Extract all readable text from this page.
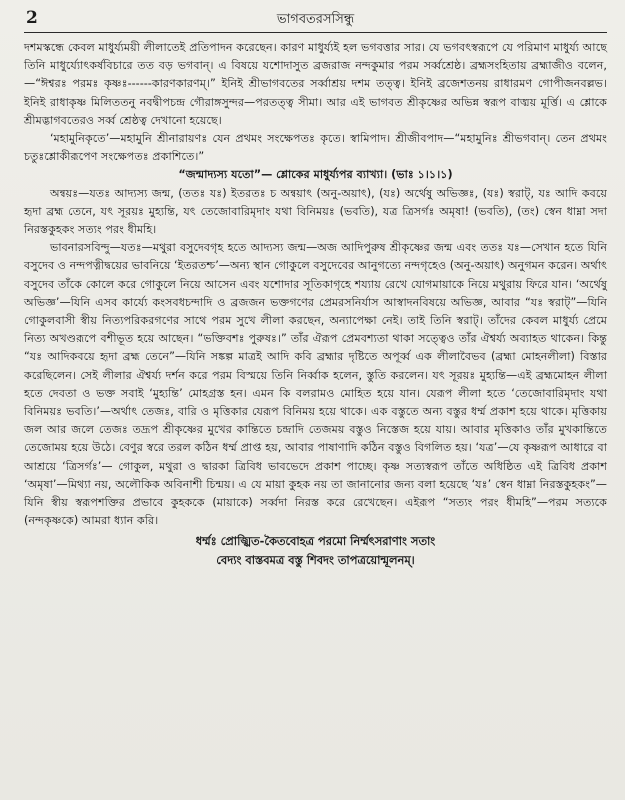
2	ভাগবতরসসিন্ধু

দশমস্কন্ধে কেবল মাধুর্য্যময়ী লীলাতেই প্রতিপাদন করেছেন। কারণ মাধুর্য্যই হল ভগবত্তার সার। যে ভগবৎস্বরূপে যে পরিমাণ মাধুর্য্য আছে তিনি মাধুর্য্যোৎকর্ষবিচারে তত বড় ভগবান্। এ বিষয়ে যশোদাসুত ব্রজরাজ নন্দকুমার পরম সর্ব্বশ্রেষ্ঠ। ব্রহ্মসংহিতায় ব্রহ্মাজীও বলেন,—“ঈশ্বরঃ পরমঃ কৃষ্ণঃ------কারণকারণম্।” ইনিই শ্রীভাগবতের সর্ব্বাশ্রয় দশম তত্ত্ব। ইনিই ব্রজেশতনয় রাধারমণ গোপীজনবল্লভ। ইনিই রাধাকৃষ্ণ মিলিততনু নবদ্বীপচন্দ্র গৌরাঙ্গসুন্দর—পরতত্ত্ব সীমা। আর এই ভাগবত শ্রীকৃষ্ণের অভিন্ন স্বরূপ বাঙ্ময় মূর্ত্তি। এ শ্লোকে শ্রীমদ্ভাগবতেরও সর্ব্ব শ্রেষ্ঠত্ব দেখানো হয়েছে।

‘মহামুনিকৃতে’—মহামুনি শ্রীনারায়ণঃ যেন প্রথমং সংক্ষেপতঃ কৃতে। স্বামিপাদ। শ্রীজীবপাদ—“মহামুনিঃ শ্রীভগবান্। তেন প্রথমং চতুঃশ্লোকীরূপেণ সংক্ষেপতঃ প্রকাশিতে।”

“জন্মাদ্যস্য যতো”— শ্লোকের মাধুর্য্যপর ব্যাখ্যা। (ভাঃ ১।১।১)

অন্বয়ঃ—যতঃ আদ্যস্য জন্ম, (ততঃ যঃ) ইতরতঃ চ অন্বয়াৎ (অনু-অয়াৎ), (যঃ) অর্থেষু অভিজ্ঞঃ, (যঃ) স্বরাট্, যঃ আদি কবয়ে হৃদা ব্রহ্ম তেনে, যৎ সূরয়ঃ মুহ্যন্তি, যৎ তেজোবারিমৃদাং যথা বিনিময়ঃ (ভবতি), যত্র ত্রিসর্গঃ অমৃষা! (ভবতি), (তং) স্বেন ধাম্না সদা নিরস্তকুহকং সত্যং পরং ধীমহি।

ভাবনারসবিন্দু—যতঃ—মথুরা বসুদেবগৃহ হতে আদ্যস্য জন্ম—অজ আদিপুরুষ শ্রীকৃষ্ণের জন্ম এবং ততঃ যঃ—সেখান হতে যিনি বসুদেব ও নন্দপত্নীদ্বয়ের ভাবনিয়ে ‘ইতরতশ্চ’—অন্য স্থান গোকুলে বসুদেবের আনুগত্যে নন্দগৃহেও (অনু-অয়াৎ) অনুগমন করেন। অর্থাৎ বসুদেব তাঁকে কোলে করে গোকুলে নিয়ে আসেন এবং যশোদার সূতিকাগৃহে শয্যায় রেখে যোগমায়াকে নিয়ে মথুরায় ফিরে যান। ‘অর্থেষু অভিজ্ঞ’—যিনি এসব কার্য্যে কংসবধচন্দাদি ও ব্রজজন ভক্তগণের প্রেমরসনির্যাস আস্বাদনবিষয়ে অভিজ্ঞ, আবার “যঃ স্বরাট্”—যিনি গোকুলবাসী স্বীয় নিত্যপরিকরগণের সাথে পরম সুখে লীলা করছেন, অন্যাপেক্ষা নেই। তাই তিনি স্বরাট্। তাঁদের কেবল মাধুর্য্য প্রেমে নিত্য অখণ্ডরূপে বশীভূত হয়ে আছেন। “ভক্তিবশঃ পুরুষঃ।” তাঁর ঐরূপ প্রেমবশ্যতা থাকা সত্ত্বেও তাঁর ঐশ্বর্য্য অব্যাহত থাকেন। কিন্তু “যঃ আদিকবয়ে হৃদা ব্রহ্ম তেনে”—যিনি সঙ্কল্প মাত্রই আদি কবি ব্রহ্মার দৃষ্টিতে অপূর্ব্ব এক লীলাবৈভব (ব্রহ্মা মোহনলীলা) বিস্তার করেছিলেন। সেই লীলার ঐশ্বর্য্য দর্শন করে পরম বিস্ময়ে তিনি নিৰ্ব্বাক হলেন, স্তুতি করলেন। যৎ সূরয়ঃ মুহ্যন্তি—এই ব্রহ্মমোহন লীলা হতে দেবতা ও ভক্ত সবাই ‘মুহ্যন্তি’ মোহগ্রস্ত হন। এমন কি বলরামও মোহিত হয়ে যান। যেরূপ লীলা হতে ‘তেজোবারিমৃদাং যথা বিনিময়ঃ ভবতি।’—অর্থাৎ তেজঃ, বারি ও মৃত্তিকার যেরূপ বিনিময় হয়ে থাকে। এক বস্তুতে অন্য বস্তুর ধর্ম্ম প্রকাশ হয়ে থাকে। মৃত্তিকায় জল আর জলে তেজঃ তদ্রূপ শ্রীকৃষ্ণের মুখের কান্তিতে চন্দ্রাদি তেজময় বস্তুও নিস্তেজ হয়ে যায়। আবার মৃত্তিকাও তাঁর মুখকান্তিতে তেজোময় হয়ে উঠে। বেণুর স্বরে তরল কঠিন ধর্ম্ম প্রাপ্ত হয়, আবার পাষাণাদি কঠিন বস্তুও বিগলিত হয়। ‘যত্র’—যে কৃষ্ণরূপ আধারে বা আশ্রয়ে ‘ত্রিসর্গঃ’— গোকুল, মথুরা ও দ্বারকা ত্রিবিধ ভাবভেদে প্রকাশ পাচ্ছে। কৃষ্ণ সত্যস্বরূপ তাঁতে অধিষ্ঠিত এই ত্রিবিধ প্রকাশ ‘অমৃষা’—মিথ্যা নয়, অলৌকিক অবিনাশী চিন্ময়। এ যে মায়া কুহক নয় তা জানানোর জন্য বলা হয়েছে ‘যঃ’ স্বেন ধাম্না নিরস্তকুহকং”—যিনি স্বীয় স্বরূপশক্তির প্রভাবে কুহককে (মায়াকে) সর্ব্বদা নিরস্ত করে রেখেছেন। এইরূপ “সত্যং পরং ধীমহি”—পরম সত্যকে (নন্দকৃষ্ণকে) আমরা ধ্যান করি।

ধর্ম্মঃ প্রোজ্ঝিত-কৈতবোহত্র পরমো নির্ম্মৎসরাণাং সতাং
বেদ্যং বাস্তবমত্র বস্তু শিবদং তাপত্রয়োন্মূলনম্।
